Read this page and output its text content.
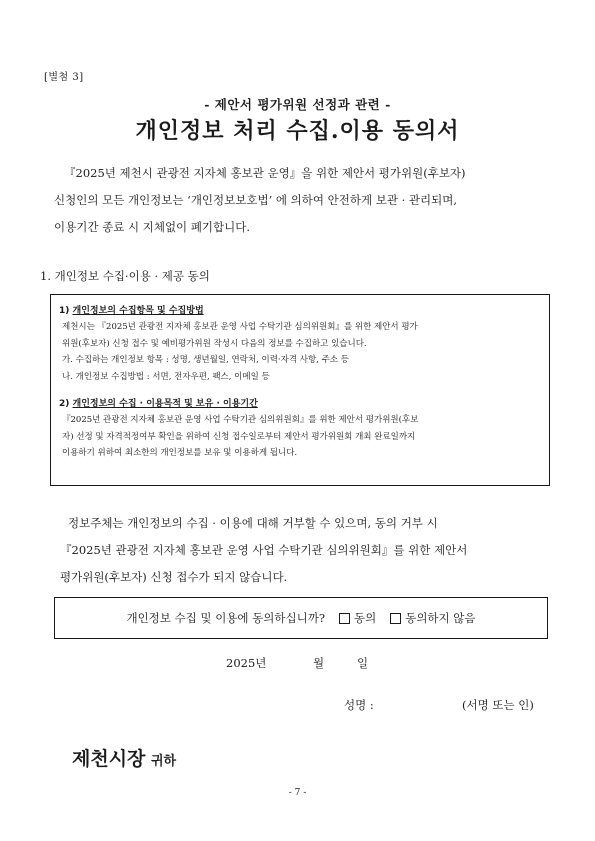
[별첨 3]
- 제안서 평가위원 선정과 관련 -
개인정보 처리 수집.이용 동의서
『2025년 제천시 관광전 지자체 홍보관 운영』을 위한 제안서 평가위원(후보자)
신청인의 모든 개인정보는 ‘개인정보보호법’ 에 의하여 안전하게 보관 · 관리되며,
이용기간 종료 시 지체없이 폐기합니다.
1. 개인정보 수집·이용 · 제공 동의
1) 개인정보의 수집항목 및 수집방법
제천시는 『2025년 관광전 지자체 홍보관 운영 사업 수탁기관 심의위원회』를 위한 제안서 평가
위원(후보자) 신청 접수 및 예비평가위원 작성시 다음의 정보를 수집하고 있습니다.
가. 수집하는 개인정보 항목 : 성명, 생년월일, 연락처, 이력·자격 사항, 주소 등
나. 개인정보 수집방법 : 서면, 전자우편, 팩스, 이메일 등
2) 개인정보의 수집 · 이용목적 및 보유 · 이용기간
『2025년 관광전 지자체 홍보관 운영 사업 수탁기관 심의위원회』를 위한 제안서 평가위원(후보
자) 선정 및 자격적정여부 확인을 위하여 신청 접수일로부터 제안서 평가위원회 개최 완료일까지
이용하기 위하여 최소한의 개인정보를 보유 및 이용하게 됩니다.
정보주체는 개인정보의 수집 · 이용에 대해 거부할 수 있으며, 동의 거부 시
『2025년 관광전 지자체 홍보관 운영 사업 수탁기관 심의위원회』를 위한 제안서
평가위원(후보자) 신청 접수가 되지 않습니다.
개인정보 수집 및 이용에 동의하십니까?	동의	동의하지 않음
2025년	월	일
성명 :	(서명 또는 인)
제천시장 귀하
- 7 -
